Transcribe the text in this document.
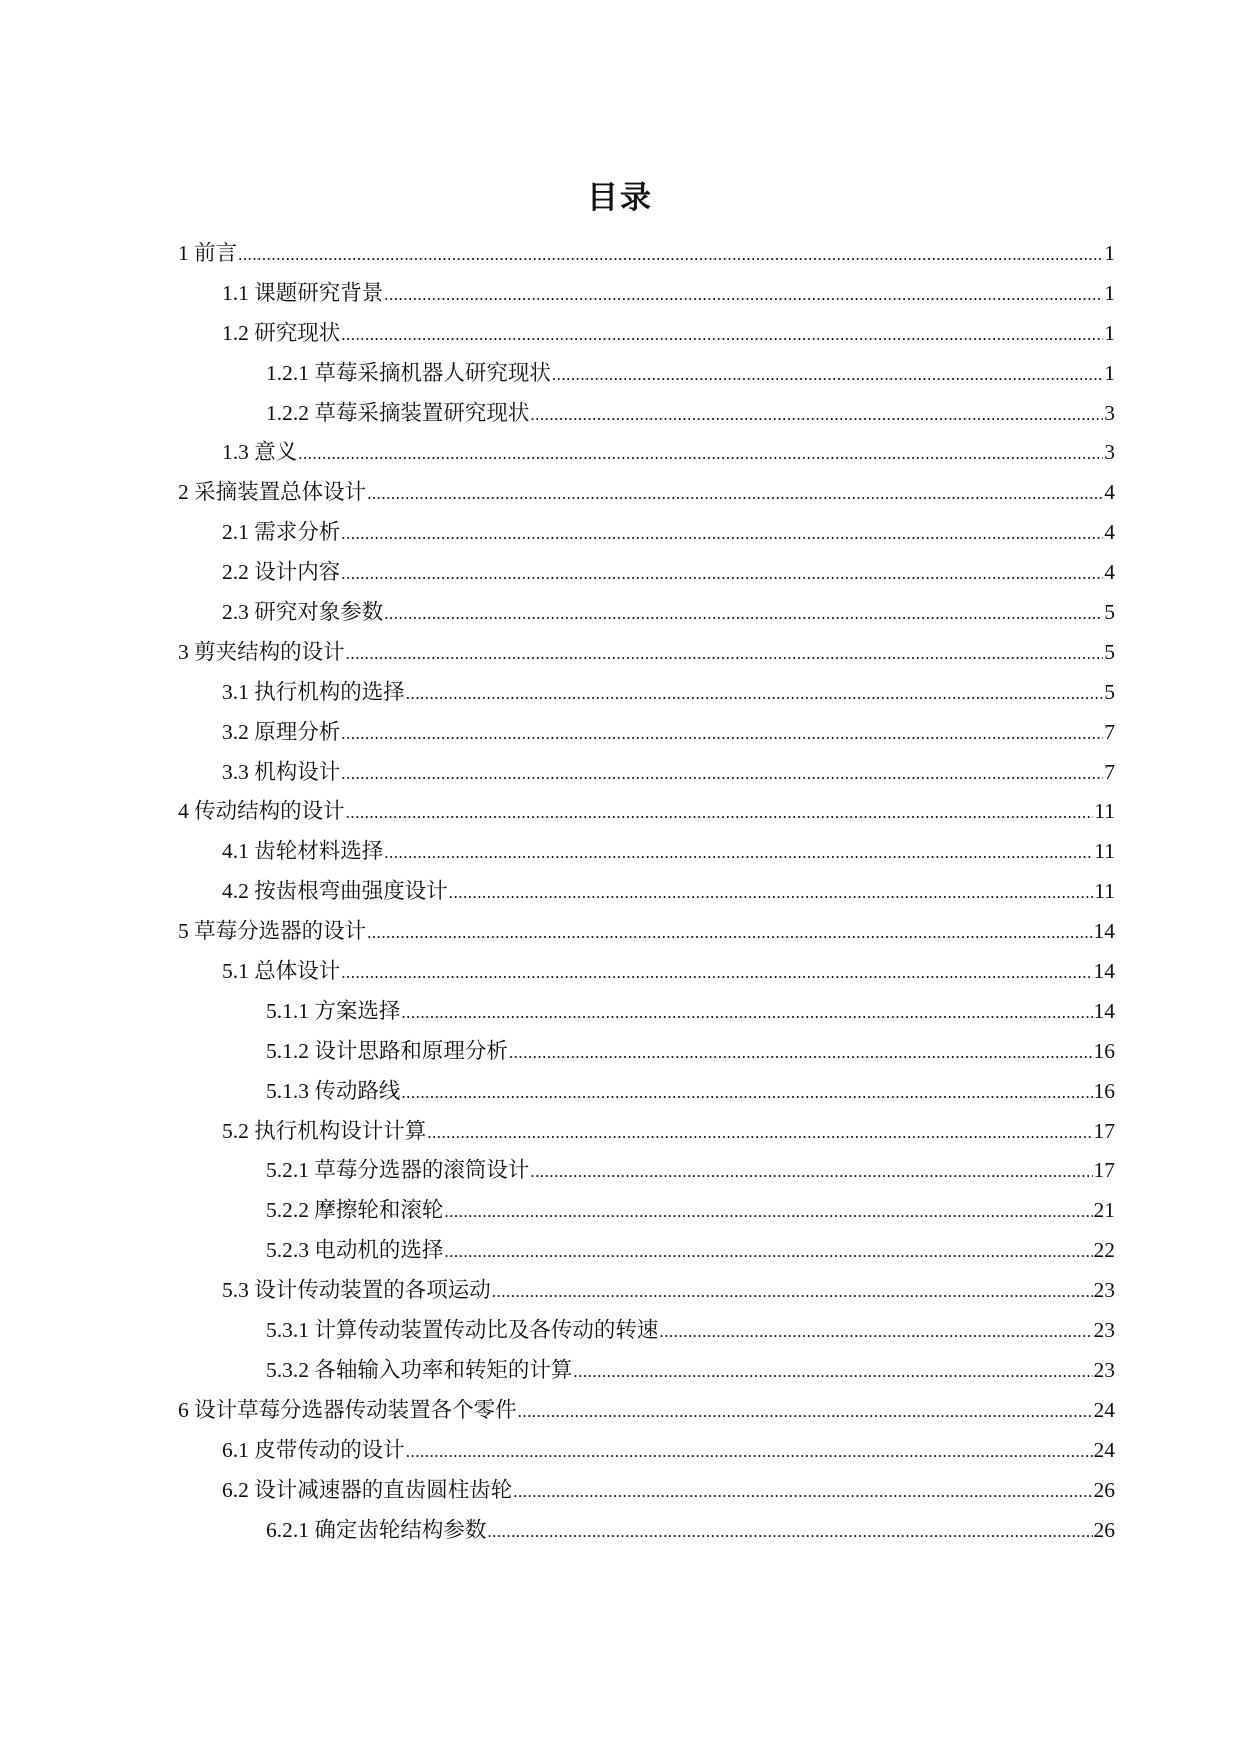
目录
1 前言 .....	1
1.1 课题研究背景 .....	1
1.2 研究现状 .....	1
1.2.1 草莓采摘机器人研究现状 .....	1
1.2.2 草莓采摘装置研究现状 .....	3
1.3 意义 .....	3
2 采摘装置总体设计 .....	4
2.1 需求分析 .....	4
2.2 设计内容 .....	4
2.3 研究对象参数 .....	5
3 剪夹结构的设计 .....	5
3.1 执行机构的选择 .....	5
3.2 原理分析 .....	7
3.3 机构设计 .....	7
4 传动结构的设计 .....	11
4.1 齿轮材料选择 .....	11
4.2 按齿根弯曲强度设计 .....	11
5 草莓分选器的设计 .....	14
5.1 总体设计 .....	14
5.1.1 方案选择 .....	14
5.1.2 设计思路和原理分析 .....	16
5.1.3 传动路线 .....	16
5.2 执行机构设计计算 .....	17
5.2.1 草莓分选器的滚筒设计 .....	17
5.2.2 摩擦轮和滚轮 .....	21
5.2.3 电动机的选择 .....	22
5.3 设计传动装置的各项运动 .....	23
5.3.1 计算传动装置传动比及各传动的转速 .....	23
5.3.2 各轴输入功率和转矩的计算 .....	23
6 设计草莓分选器传动装置各个零件 .....	24
6.1 皮带传动的设计 .....	24
6.2 设计减速器的直齿圆柱齿轮 .....	26
6.2.1 确定齿轮结构参数 .....	26
